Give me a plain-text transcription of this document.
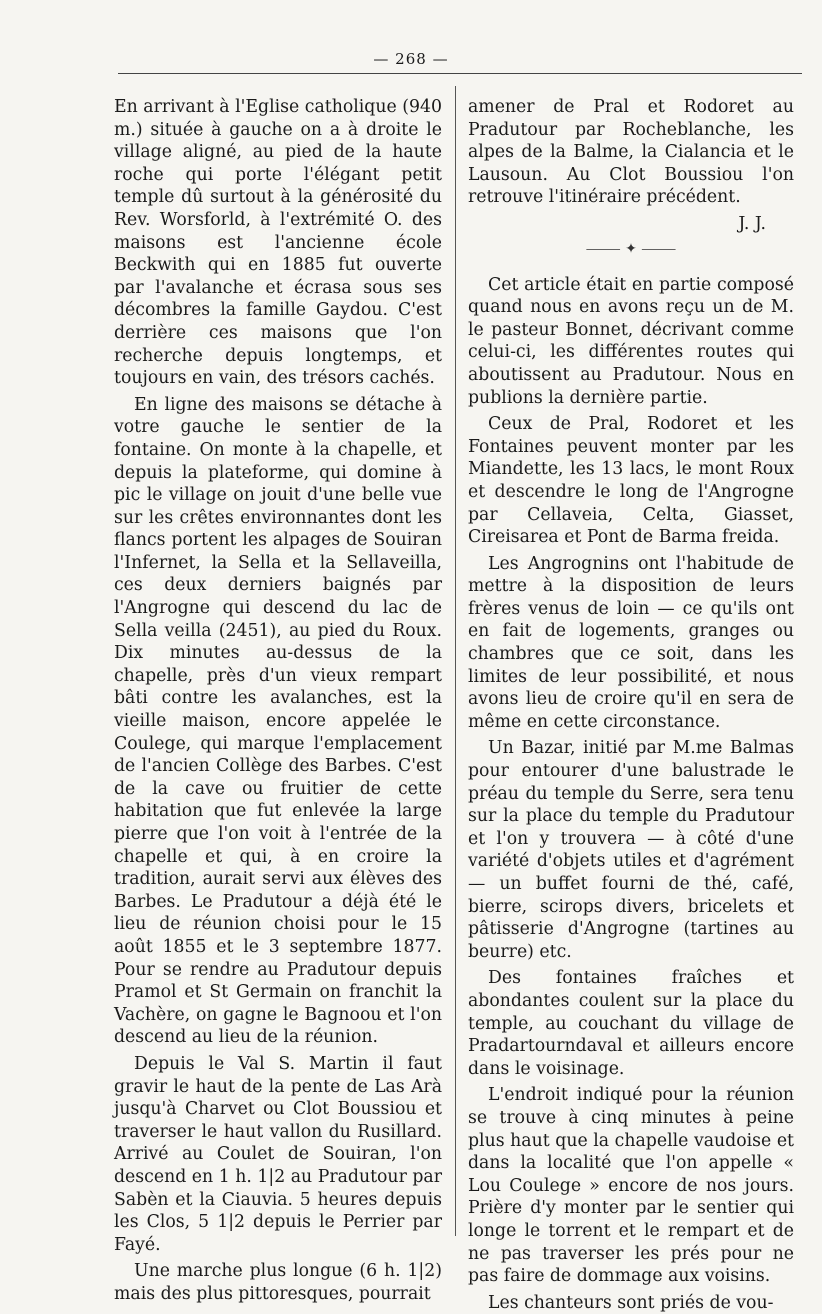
— 268 —

En arrivant à l'Eglise catholique (940 m.) située à gauche on a à droite le village aligné, au pied de la haute roche qui porte l'élégant petit temple dû surtout à la générosité du Rev. Worsforld, à l'extrémité O. des maisons est l'ancienne école Beckwith qui en 1885 fut ouverte par l'avalanche et écrasa sous ses décombres la famille Gaydou. C'est derrière ces maisons que l'on recherche depuis longtemps, et toujours en vain, des trésors cachés.

En ligne des maisons se détache à votre gauche le sentier de la fontaine. On monte à la chapelle, et depuis la plateforme, qui domine à pic le village on jouit d'une belle vue sur les crêtes environnantes dont les flancs portent les alpages de Souiran l'Infernet, la Sella et la Sellaveilla, ces deux derniers baignés par l'Angrogne qui descend du lac de Sella veilla (2451), au pied du Roux. Dix minutes au-dessus de la chapelle, près d'un vieux rempart bâti contre les avalanches, est la vieille maison, encore appelée le Coulege, qui marque l'emplacement de l'ancien Collège des Barbes. C'est de la cave ou fruitier de cette habitation que fut enlevée la large pierre que l'on voit à l'entrée de la chapelle et qui, à en croire la tradition, aurait servi aux élèves des Barbes. Le Pradutour a déjà été le lieu de réunion choisi pour le 15 août 1855 et le 3 septembre 1877. Pour se rendre au Pradutour depuis Pramol et St Germain on franchit la Vachère, on gagne le Bagnoou et l'on descend au lieu de la réunion.

Depuis le Val S. Martin il faut gravir le haut de la pente de Las Arà jusqu'à Charvet ou Clot Boussiou et traverser le haut vallon du Rusillard. Arrivé au Coulet de Souiran, l'on descend en 1 h. 1|2 au Pradutour par Sabèn et la Ciauvia. 5 heures depuis les Clos, 5 1|2 depuis le Perrier par Fayé.

Une marche plus longue (6 h. 1|2) mais des plus pittoresques, pourrait

amener de Pral et Rodoret au Pradutour par Rocheblanche, les alpes de la Balme, la Cialancia et le Lausoun. Au Clot Boussiou l'on retrouve l'itinéraire précédent.

J. J.

⸻ ✦ ⸻

Cet article était en partie composé quand nous en avons reçu un de M. le pasteur Bonnet, décrivant comme celui-ci, les différentes routes qui aboutissent au Pradutour. Nous en publions la dernière partie.

Ceux de Pral, Rodoret et les Fontaines peuvent monter par les Miandette, les 13 lacs, le mont Roux et descendre le long de l'Angrogne par Cellaveia, Celta, Giasset, Cireisarea et Pont de Barma freida.

Les Angrognins ont l'habitude de mettre à la disposition de leurs frères venus de loin — ce qu'ils ont en fait de logements, granges ou chambres que ce soit, dans les limites de leur possibilité, et nous avons lieu de croire qu'il en sera de même en cette circonstance.

Un Bazar, initié par M.me Balmas pour entourer d'une balustrade le préau du temple du Serre, sera tenu sur la place du temple du Pradutour et l'on y trouvera — à côté d'une variété d'objets utiles et d'agrément — un buffet fourni de thé, café, bierre, scirops divers, bricelets et pâtisserie d'Angrogne (tartines au beurre) etc.

Des fontaines fraîches et abondantes coulent sur la place du temple, au couchant du village de Pradartourndaval et ailleurs encore dans le voisinage.

L'endroit indiqué pour la réunion se trouve à cinq minutes à peine plus haut que la chapelle vaudoise et dans la localité que l'on appelle « Lou Coulege » encore de nos jours. Prière d'y monter par le sentier qui longe le torrent et le rempart et de ne pas traverser les prés pour ne pas faire de dommage aux voisins.

Les chanteurs sont priés de vou-
